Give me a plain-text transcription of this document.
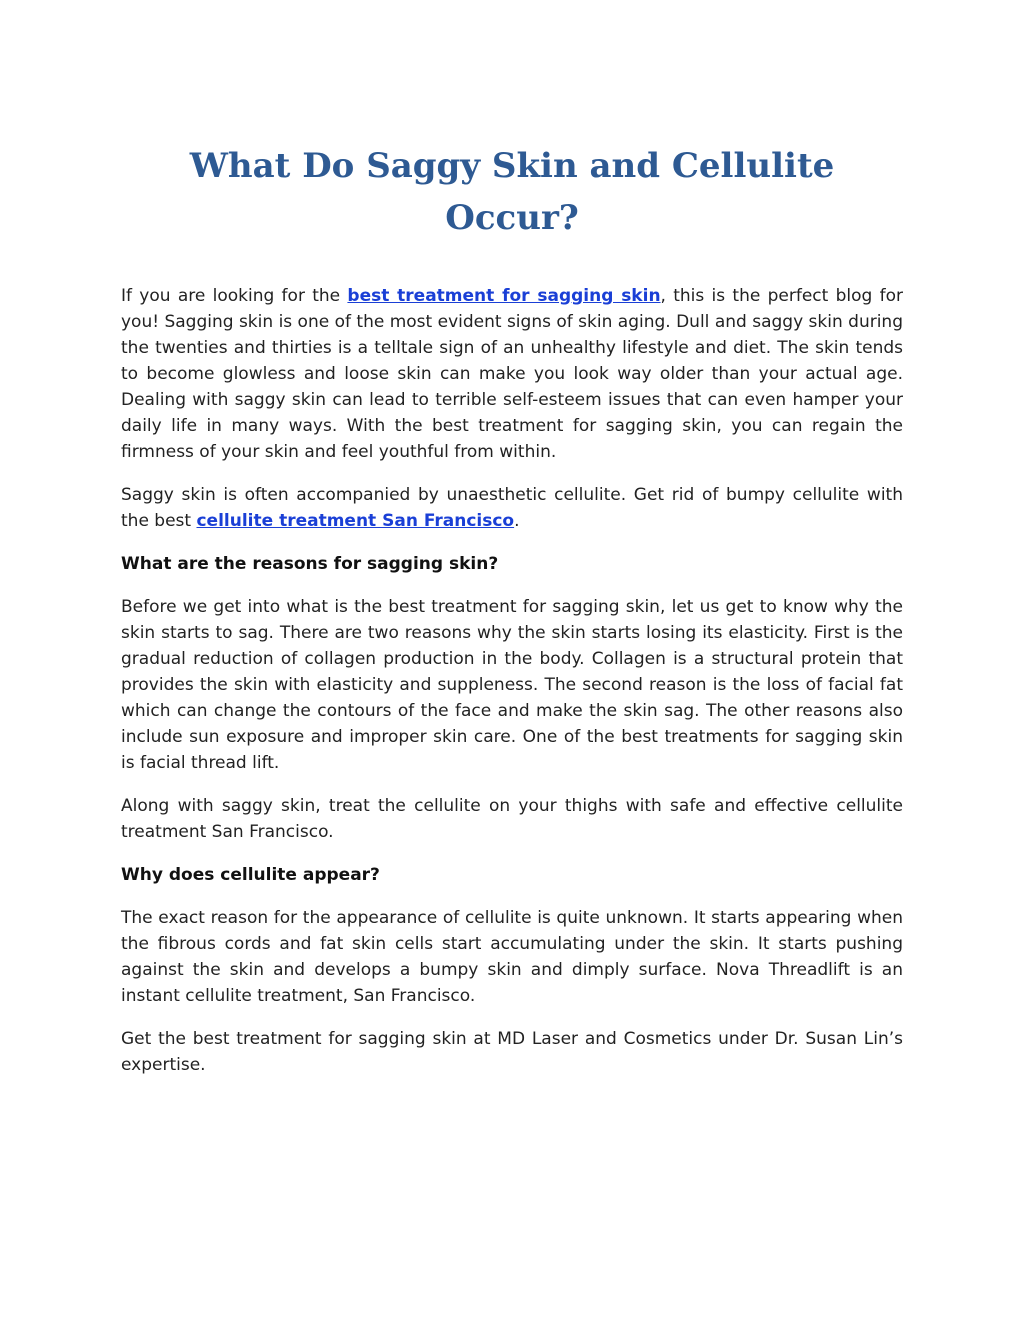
What Do Saggy Skin and Cellulite Occur?

If you are looking for the best treatment for sagging skin, this is the perfect blog for you! Sagging skin is one of the most evident signs of skin aging. Dull and saggy skin during the twenties and thirties is a telltale sign of an unhealthy lifestyle and diet. The skin tends to become glowless and loose skin can make you look way older than your actual age. Dealing with saggy skin can lead to terrible self-esteem issues that can even hamper your daily life in many ways. With the best treatment for sagging skin, you can regain the firmness of your skin and feel youthful from within.

Saggy skin is often accompanied by unaesthetic cellulite. Get rid of bumpy cellulite with the best cellulite treatment San Francisco.

What are the reasons for sagging skin?

Before we get into what is the best treatment for sagging skin, let us get to know why the skin starts to sag. There are two reasons why the skin starts losing its elasticity. First is the gradual reduction of collagen production in the body. Collagen is a structural protein that provides the skin with elasticity and suppleness. The second reason is the loss of facial fat which can change the contours of the face and make the skin sag. The other reasons also include sun exposure and improper skin care. One of the best treatments for sagging skin is facial thread lift.

Along with saggy skin, treat the cellulite on your thighs with safe and effective cellulite treatment San Francisco.

Why does cellulite appear?

The exact reason for the appearance of cellulite is quite unknown. It starts appearing when the fibrous cords and fat skin cells start accumulating under the skin. It starts pushing against the skin and develops a bumpy skin and dimply surface. Nova Threadlift is an instant cellulite treatment, San Francisco.

Get the best treatment for sagging skin at MD Laser and Cosmetics under Dr. Susan Lin’s expertise.
